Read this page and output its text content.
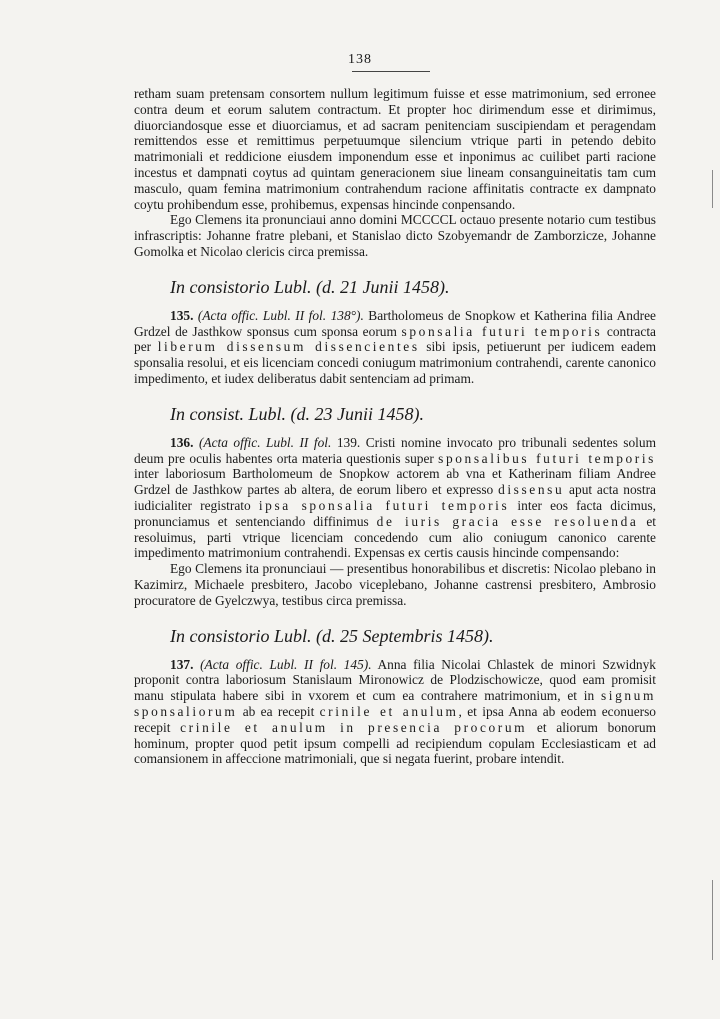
138

retham suam pretensam consortem nullum legitimum fuisse et esse matrimonium, sed erronee contra deum et eorum salutem contractum. Et propter hoc dirimendum esse et dirimimus, diuorciandosque esse et diuorciamus, et ad sacram penitenciam suscipiendam et peragendam remittendos esse et remittimus perpetuumque silencium vtrique parti in petendo debito matrimoniali et reddicione eiusdem imponendum esse et inponimus ac cuilibet parti racione incestus et dampnati coytus ad quintam generacionem siue lineam consanguineitatis tam cum masculo, quam femina matrimonium contrahendum racione affinitatis contracte ex dampnato coytu prohibendum esse, prohibemus, expensas hincinde conpensando.

Ego Clemens ita pronunciaui anno domini MCCCCL octauo presente notario cum testibus infrascriptis: Johanne fratre plebani, et Stanislao dicto Szobyemandr de Zamborzicze, Johanne Gomolka et Nicolao clericis circa premissa.

In consistorio Lubl. (d. 21 Junii 1458).

135. (Acta offic. Lubl. II fol. 138°). Bartholomeus de Snopkow et Katherina filia Andree Grdzel de Jasthkow sponsus cum sponsa eorum sponsalia futuri temporis contracta per liberum dissensum dissencientes sibi ipsis, petiuerunt per iudicem eadem sponsalia resolui, et eis licenciam concedi coniugum matrimonium contrahendi, carente canonico impedimento, et iudex deliberatus dabit sentenciam ad primam.

In consist. Lubl. (d. 23 Junii 1458).

136. (Acta offic. Lubl. II fol. 139. Cristi nomine invocato pro tribunali sedentes solum deum pre oculis habentes orta materia questionis super sponsalibus futuri temporis inter laboriosum Bartholomeum de Snopkow actorem ab vna et Katherinam filiam Andree Grdzel de Jasthkow partes ab altera, de eorum libero et expresso dissensu aput acta nostra iudicialiter registrato ipsa sponsalia futuri temporis inter eos facta dicimus, pronunciamus et sentenciando diffinimus de iuris gracia esse resoluenda et resoluimus, parti vtrique licenciam concedendo cum alio coniugum canonico carente impedimento matrimonium contrahendi. Expensas ex certis causis hincinde compensando:

Ego Clemens ita pronunciaui — presentibus honorabilibus et discretis: Nicolao plebano in Kazimirz, Michaele presbitero, Jacobo viceplebano, Johanne castrensi presbitero, Ambrosio procuratore de Gyelczwya, testibus circa premissa.

In consistorio Lubl. (d. 25 Septembris 1458).

137. (Acta offic. Lubl. II fol. 145). Anna filia Nicolai Chlastek de minori Szwidnyk proponit contra laboriosum Stanislaum Mironowicz de Plodzischowicze, quod eam promisit manu stipulata habere sibi in vxorem et cum ea contrahere matrimonium, et in signum sponsaliorum ab ea recepit crinile et anulum, et ipsa Anna ab eodem econuerso recepit crinile et anulum in presencia procorum et aliorum bonorum hominum, propter quod petit ipsum compelli ad recipiendum copulam Ecclesiasticam et ad comansionem in affeccione matrimoniali, que si negata fuerint, probare intendit.
